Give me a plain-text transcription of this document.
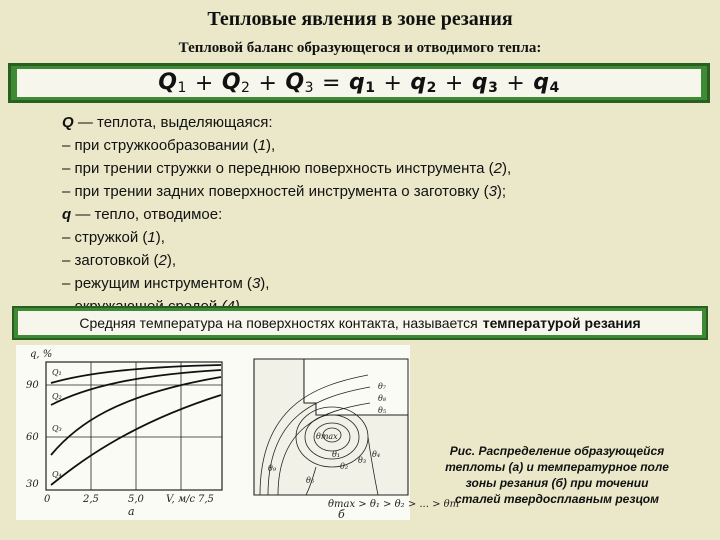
Тепловые явления в зоне резания
Тепловой баланс образующегося и отводимого тепла:
$Q_1 + Q_2 + Q_3 = q_1 + q_2 + q_3 + q_4$
Q — теплота, выделяющаяся:
– при стружкообразовании (1),
– при трении стружки о переднюю поверхность инструмента (2),
– при трении задних поверхностей инструмента о заготовку (3);
q — тепло, отводимое:
– стружкой (1),
– заготовкой (2),
– режущим инструментом (3),
Средняя температура на поверхностях контакта, называется температурой резания
q, %
90
60
30
0	2,5	5,0	7,5
V, м/с
а
Q₁
Q₂
Q₃
Q₄
θmax
θ₇
θ₈
θ₅
θ₁
θ₂
θ₃
θ₄
θ₆
θ₉
θmax > θ₁ > θ₂ > ... > θт
б
Рис. Распределение образующейся
теплоты (а) и температурное поле
зоны резания (б) при точении
сталей твердосплавным резцом
